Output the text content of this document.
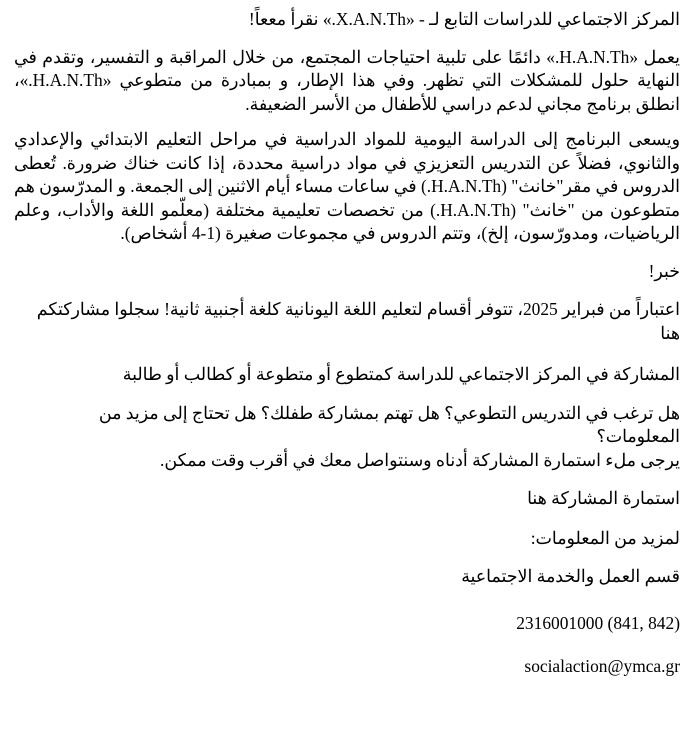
المركز الاجتماعي للدراسات التابع لـ - «X.A.N.Th.» نقرأ مععاً!

يعمل «H.A.N.Th.» دائمًا على تلبية احتياجات المجتمع، من خلال المراقبة و التفسير، وتقدم في النهاية حلول للمشكلات التي تظهر. وفي هذا الإطار، و بمبادرة من متطوعي «H.A.N.Th.»، انطلق برنامج مجاني لدعم دراسي للأطفال من الأسر الضعيفة.

ويسعى البرنامج إلى الدراسة اليومية للمواد الدراسية في مراحل التعليم الابتدائي والإعدادي والثانوي، فضلاً عن التدريس التعزيزي في مواد دراسية محددة، إذا كانت خناك ضرورة. تُعطى الدروس في مقر"خانث" (H.A.N.Th.) في ساعات مساء أيام الاثنين إلى الجمعة. و المدرّسون هم متطوعون من "خانث" (H.A.N.Th.) من تخصصات تعليمية مختلفة (معلّمو اللغة والأداب، وعلم الرياضيات، ومدورّسون، إلخ)، وتتم الدروس في مجموعات صغيرة (1-4 أشخاص).

خبر!

اعتباراً من فبراير 2025، تتوفر أقسام لتعليم اللغة اليونانية كلغة أجنبية ثانية! سجلوا مشاركتكم هنا

المشاركة في المركز الاجتماعي للدراسة كمتطوع أو متطوعة أو كطالب أو طالبة

هل ترغب في التدريس التطوعي؟ هل تهتم بمشاركة طفلك؟ هل تحتاج إلى مزيد من المعلومات؟

يرجى ملء استمارة المشاركة أدناه وسنتواصل معك في أقرب وقت ممكن.

استمارة المشاركة هنا

لمزيد من المعلومات:

قسم العمل والخدمة الاجتماعية

2316001000 (841, 842)

socialaction@ymca.gr
